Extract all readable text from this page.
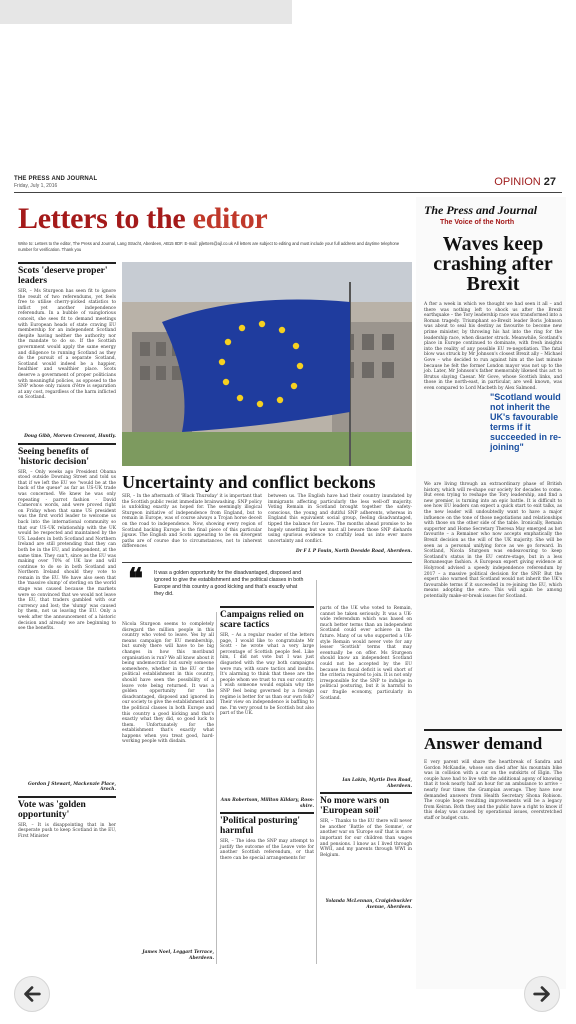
THE PRESS AND JOURNAL
Friday, July 1, 2016	OPINION 27
Letters to the editor
Write to: Letters to the editor, The Press and Journal, Lang Stracht, Aberdeen, AB15 8DF. E-mail: pjletters@ajl.co.uk All letters are subject to editing and must include your full address and daytime telephone number for verification. Thank you
Scots 'deserve proper' leaders
SIR, – Ms Sturgeon has seen fit to ignore the result of two referendums, yet feels free to utilise cherry-picked statistics to inflict yet another independence referendum. In a bubble of vainglorious conceit, she sees fit to demand meetings with European heads of state craving EU membership for an independent Scotland despite having neither the authority nor the mandate to do so. If the Scottish government would apply the same energy and diligence to running Scotland as they do the pursuit of a separate Scotland, Scotland would indeed be a happier, healthier and wealthier place. Scots deserve a government of proper politicians with meaningful policies, as opposed to the SNP whose only raison d'être is separation at any cost, regardless of the harm inflicted on Scotland.
Doug Gibb, Morven Crescent, Huntly.
Seeing benefits of 'historic decision'
SIR, – Only weeks ago President Obama stood outside Downing Street and told us that if we left the EU we "would be at the back of the queue" as far as US-UK trade was concerned. We knew he was only repeating - parrot fashion - David Cameron's words, and were proved right on Friday when that same US president was the first world leader to welcome us back into the international community so that our US-UK relationship with the UK would be respected and maintained by the US. Leaders in both Scotland and Northern Ireland are still pretending that they can both be in the EU, and independent, at the same time. They can't, since as the EU was making over 70% of UK law and will continue to do so in both Scotland and Northern Ireland should they vote to remain in the EU. We have also seen that the 'massive slump' of sterling on the world stage was caused because the markets were so convinced that we would not leave the EU, that traders gambled with our currency and lost; the 'slump' was caused by them, not us leaving the EU. Only a week after the announcement of a historic decision and already we are beginning to see the benefits.
Gordon J Stewart, Mackenzie Place, Aroch.
Vote was 'golden opportunity'
SIR, – It is disappointing that in her desperate push to keep Scotland in the EU, First Minister
Uncertainty and conflict beckons
SIR, – In the aftermath of 'Black Thursday' it is important that the Scottish public resist immediate brainwashing. SNP policy is unfolding exactly as hoped for. The seemingly illogical Sturgeon initiative of independence from England, but to remain in Europe, was of course always a Trojan horse deceit on the road to independence. Now, showing every region of Scotland backing Europe is the final piece of this particular jigsaw. The English and Scots appearing to be on divergent paths are of course due to circumstances, not to inherent differences
between us. The English have had their country inundated by immigrants affecting particularly the less well-off majority. Voting Remain in Scotland brought together the safety-conscious, the young and dutiful SNP adherents, whereas in England this equivalent social group, feeling disadvantaged, tipped the balance for Leave. The months ahead promise to be hugely unsettling but we must all beware those SNP diehards using spurious evidence to craftily lead us into ever more uncertainty and conflict.
Dr F L P Fouin, North Deeside Road, Aberdeen.
❝ It was a golden opportunity for the disadvantaged, disposed and ignored to give the establishment and the political classes in both Europe and this country a good kicking and that's exactly what they did.
Nicola Sturgeon seems to completely disregard the million people in this country who voted to leave. Yes by all means campaign for EU membership, but surely there will have to be big changes in how this moribund organisation is run? We all know about it being undemocratic but surely someone somewhere, whether in the EU or the political establishment in this country, should have seen the possibility of a leave vote being returned. It was a golden opportunity for the disadvantaged, disposed and ignored in our society to give the establishment and the political classes in both Europe and this country a good kicking and that's exactly what they did, so good luck to them. Unfortunately for the establishment that's exactly what happens when you treat good, hard-working people with disdain.
James Noel, Leggart Terrace, Aberdeen.
Campaigns relied on scare tactics
SIR, – As a regular reader of the letters page, I would like to congratulate Mr Scott - he wrote what a very large percentage of Scottish people feel. Like him, I did not vote but I was just disgusted with the way both campaigns were run; with scare tactics and insults. It's alarming to think that these are the people whom we trust to run our country. I wish someone would explain why the SNP feel being governed by a foreign regime is better for us than our own folk? Their view on independence is baffling to me. I'm very proud to be Scottish but also part of the UK.
Ann Robertson, Millton Kildary, Ross-shire.
'Political posturing' harmful
SIR, – The idea the SNP may attempt to justify the outcome of the Leave vote for another Scottish referendum, or that there can be special arrangements for
parts of the UK who voted to Remain, cannot be taken seriously. It was a UK-wide referendum which was based on much better terms than an independent Scotland could ever achieve in the future. Many of us who supported a UK-style Remain would never vote for any lesser 'Scottish' terms that may eventually be on offer. Ms Sturgeon should know an independent Scotland could not be accepted by the EU because its fiscal deficit is well short of the criteria required to join. It is not only irresponsible for the SNP to indulge in political posturing, but it is harmful to our fragile economy, particularly in Scotland.
Ian Lakin, Myrtle Den Road, Aberdeen.
No more wars on 'European soil'
SIR, – Thanks to the EU there will never be another 'Battle of the Somme', or another war on 'Europe soil' that is more important for our children than wages and pensions. I know as I lived through WWII, and my parents through WWI in Belgium.
Yolanda McLennan, Craigiebuckler Avenue, Aberdeen.
The Press and Journal
The Voice of the North
Waves keep crashing after Brexit
A fter a week in which we thought we had seen it all – and there was nothing left to shock us after the Brexit earthquake – the Tory leadership race was transformed into a Roman tragedy. Triumphant so-Brexit leader Boris Johnson was about to seal his destiny as favourite to become new prime minister, by throwing his hat into the ring for the leadership race, when disaster struck. Meanwhile, Scotland's place in Europe continued to dominate, with fresh insights into the reality of any possible EU re-negotiation. The fatal blow was struck by Mr Johnson's closest Brexit ally – Michael Gove – who decided to run against him at the last minute because he felt the former London mayor was not up to the job. Later, Mr Johnson's father memorably likened this act to Brutus slaying Caesar. Mr Gove, whose Scottish links, and those in the north-east, in particular, are well known, was even compared to Lord Macbeth by Alex Salmond.
"Scotland would not inherit the UK's favourable terms if it succeeded in re-joining"
We are living through an extraordinary phase of British history, which will re-shape our society for decades to come. But even trying to reshape the Tory leadership, and find a new premier, is turning into an epic battle. It is difficult to see how EU leaders can expect a quick start to exit talks, as the new leader will undoubtedly want to have a major influence on the tone of those negotiations and relationships with those on the other side of the table. Ironically, Remain supporter and Home Secretary Theresa May emerged as hot favourite – a Remainer who now accepts emphatically the Brexit decision as the will of the UK majority. She will be seen as a personal unifying force as we go forward. In Scotland, Nicola Sturgeon was endeavouring to keep Scotland's status in the EU centre-stage, but in a less Romanesque fashion. A European expert giving evidence at Holyrood advised a speedy independence referendum by 2017 – a massive political decision for the SNP. But the expert also warned that Scotland would not inherit the UK's favourable terms if it succeeded in re-joining the EU, which means adopting the euro. This will again be among potentially make-or-break issues for Scotland.
Answer demand
E very parent will share the heartbreak of Sandra and Gordon McKandie, whose son died after his mountain bike was in collision with a car on the outskirts of Elgin. The couple have had to live with the additional agony of knowing that it took nearly half an hour for an ambulance to arrive – nearly four times the Grampian average. They have now demanded answers from Health Secretary Shona Robison. The couple hope resulting improvements will be a legacy from Keiran. Both they and the public have a right to know if this delay was caused by operational issues, overstretched staff or budget cuts.
